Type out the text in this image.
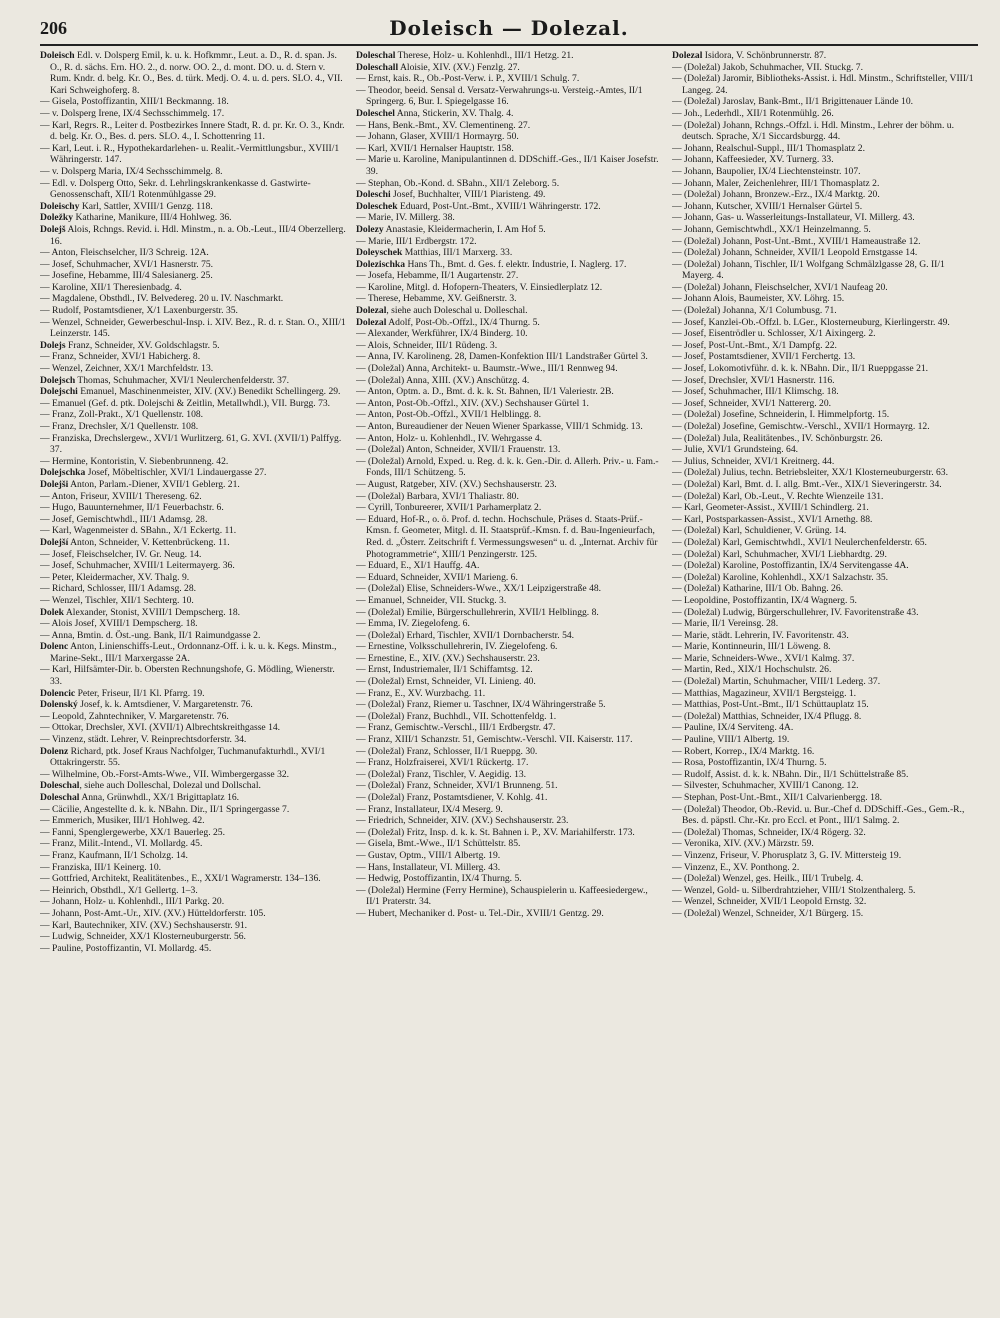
206	Doleisch — Dolezal.

Doleisch Edl. v. Dolsperg Emil, k. u. k. Hofkmmr., Leut. a. D., R. d. span. Js. O., R. d. sächs. Ern. HO. 2., d. norw. OO. 2., d. mont. DO. u. d. Stern v. Rum. Kndr. d. belg. Kr. O., Bes. d. türk. Medj. O. 4. u. d. pers. SLO. 4., VII. Kari Schweighoferg. 8.

— Gisela, Postoffizantin, XIII/1 Beckmanng. 18.

— v. Dolsperg Irene, IX/4 Sechsschimmelg. 17.

— Karl, Regrs. R., Leiter d. Postbezirkes Innere Stadt, R. d. pr. Kr. O. 3., Kndr. d. belg. Kr. O., Bes. d. pers. SLO. 4., I. Schottenring 11.

— Karl, Leut. i. R., Hypothekardarlehen- u. Realit.-Vermittlungsbur., XVIII/1 Währingerstr. 147.

— v. Dolsperg Maria, IX/4 Sechsschimmelg. 8.

— Edl. v. Dolsperg Otto, Sekr. d. Lehrlingskrankenkasse d. Gastwirte-Genossenschaft, XII/1 Rotenmühlgasse 29.

Doleischy Karl, Sattler, XVIII/1 Genzg. 118.

Doležky Katharine, Manikure, III/4 Hohlweg. 36.

Dolejš Alois, Rchngs. Revid. i. Hdl. Minstm., n. a. Ob.-Leut., III/4 Oberzellerg. 16.

— Anton, Fleischselcher, II/3 Schreig. 12A.

— Josef, Schuhmacher, XVI/1 Hasnerstr. 75.

— Josefine, Hebamme, III/4 Salesianerg. 25.

— Karoline, XII/1 Theresienbadg. 4.

— Magdalene, Obsthdl., IV. Belvedereg. 20 u. IV. Naschmarkt.

— Rudolf, Postamtsdiener, X/1 Laxenburgerstr. 35.

— Wenzel, Schneider, Gewerbeschul-Insp. i. XIV. Bez., R. d. r. Stan. O., XIII/1 Leinzerstr. 145.

Dolejs Franz, Schneider, XV. Goldschlagstr. 5.

— Franz, Schneider, XVI/1 Habicherg. 8.

— Wenzel, Zeichner, XX/1 Marchfeldstr. 13.

Dolejsch Thomas, Schuhmacher, XVI/1 Neulerchenfelderstr. 37.

Dolejschi Emanuel, Maschinenmeister, XIV. (XV.) Benedikt Schellingerg. 29.

— Emanuel (Gef. d. ptk. Dolejschi & Zeitlin, Metallwhdl.), VII. Burgg. 73.

— Franz, Zoll-Prakt., X/1 Quellenstr. 108.

— Franz, Drechsler, X/1 Quellenstr. 108.

— Franziska, Drechslergew., XVI/1 Wurlitzerg. 61, G. XVI. (XVII/1) Palffyg. 37.

— Hermine, Kontoristin, V. Siebenbrunneng. 42.

Dolejschka Josef, Möbeltischler, XVI/1 Lindauergasse 27.

Dolejši Anton, Parlam.-Diener, XVII/1 Geblerg. 21.

— Anton, Friseur, XVIII/1 Thereseng. 62.

— Hugo, Bauunternehmer, II/1 Feuerbachstr. 6.

— Josef, Gemischtwhdl., III/1 Adamsg. 28.

— Karl, Wagenmeister d. SBahn., X/1 Eckertg. 11.

Dolejší Anton, Schneider, V. Kettenbrückeng. 11.

— Josef, Fleischselcher, IV. Gr. Neug. 14.

— Josef, Schuhmacher, XVIII/1 Leitermayerg. 36.

— Peter, Kleidermacher, XV. Thalg. 9.

— Richard, Schlosser, III/1 Adamsg. 28.

— Wenzel, Tischler, XII/1 Sechterg. 10.

Dolek Alexander, Stonist, XVIII/1 Dempscherg. 18.

— Alois Josef, XVIII/1 Dempscherg. 18.

— Anna, Bmtin. d. Öst.-ung. Bank, II/1 Raimundgasse 2.

Dolenc Anton, Linienschiffs-Leut., Ordonnanz-Off. i. k. u. k. Kegs. Minstm., Marine-Sekt., III/1 Marxergasse 2A.

— Karl, Hilfsämter-Dir. b. Obersten Rechnungshofe, G. Mödling, Wienerstr. 33.

Dolencic Peter, Friseur, II/1 Kl. Pfarrg. 19.

Dolenský Josef, k. k. Amtsdiener, V. Margaretenstr. 76.

— Leopold, Zahntechniker, V. Margaretenstr. 76.

— Ottokar, Drechsler, XVI. (XVII/1) Albrechtskreithgasse 14.

— Vinzenz, städt. Lehrer, V. Reinprechtsdorferstr. 34.

Dolenz Richard, ptk. Josef Kraus Nachfolger, Tuchmanufakturhdl., XVI/1 Ottakringerstr. 55.

— Wilhelmine, Ob.-Forst-Amts-Wwe., VII. Wimbergergasse 32.

Doleschal, siehe auch Dolleschal, Dolezal und Dollschal.

Doleschal Anna, Grünwhdl., XX/1 Brigittaplatz 16.

— Cäcilie, Angestellte d. k. k. NBahn. Dir., II/1 Springergasse 7.

— Emmerich, Musiker, III/1 Hohlweg. 42.

— Fanni, Spenglergewerbe, XX/1 Bauerleg. 25.

— Franz, Milit.-Intend., VI. Mollardg. 45.

— Franz, Kaufmann, II/1 Scholzg. 14.

— Franziska, III/1 Keinerg. 10.

— Gottfried, Architekt, Realitätenbes., E., XXI/1 Wagramerstr. 134–136.

— Heinrich, Obsthdl., X/1 Gellertg. 1–3.

— Johann, Holz- u. Kohlenhdl., III/1 Parkg. 20.

— Johann, Post-Amt.-Ur., XIV. (XV.) Hütteldorferstr. 105.

— Karl, Bautechniker, XIV. (XV.) Sechshauserstr. 91.

— Ludwig, Schneider, XX/1 Klosterneuburgerstr. 56.

— Pauline, Postoffizantin, VI. Mollardg. 45.

Doleschal Therese, Holz- u. Kohlenhdl., III/1 Hetzg. 21.

Doleschall Aloisie, XIV. (XV.) Fenzlg. 27.

— Ernst, kais. R., Ob.-Post-Verw. i. P., XVIII/1 Schulg. 7.

— Theodor, beeid. Sensal d. Versatz-Verwahrungs-u. Versteig.-Amtes, II/1 Springerg. 6, Bur. I. Spiegelgasse 16.

Doleschel Anna, Stickerin, XV. Thalg. 4.

— Hans, Benk.-Bmt., XV. Clementineng. 27.

— Johann, Glaser, XVIII/1 Hormayrg. 50.

— Karl, XVII/1 Hernalser Hauptstr. 158.

— Marie u. Karoline, Manipulantinnen d. DDSchiff.-Ges., II/1 Kaiser Josefstr. 39.

— Stephan, Ob.-Kond. d. SBahn., XII/1 Zeleborg. 5.

Doleschi Josef, Buchhalter, VIII/1 Piaristeng. 49.

Doleschek Eduard, Post-Unt.-Bmt., XVIII/1 Währingerstr. 172.

— Marie, IV. Millerg. 38.

Dolezy Anastasie, Kleidermacherin, I. Am Hof 5.

— Marie, III/1 Erdbergstr. 172.

Doleyschek Matthias, III/1 Marxerg. 33.

Dolezischka Hans Th., Bmt. d. Ges. f. elektr. Industrie, I. Naglerg. 17.

— Josefa, Hebamme, II/1 Augartenstr. 27.

— Karoline, Mitgl. d. Hofopern-Theaters, V. Einsiedlerplatz 12.

— Therese, Hebamme, XV. Geißnerstr. 3.

Dolezal, siehe auch Doleschal u. Dolleschal.

Dolezal Adolf, Post-Ob.-Offzl., IX/4 Thurng. 5.

— Alexander, Werkführer, IX/4 Binderg. 10.

— Alois, Schneider, III/1 Rüdeng. 3.

— Anna, IV. Karolineng. 28, Damen-Konfektion III/1 Landstraßer Gürtel 3.

— (Doležal) Anna, Architekt- u. Baumstr.-Wwe., III/1 Rennweg 94.

— (Doležal) Anna, XIII. (XV.) Anschützg. 4.

— Anton, Optm. a. D., Bmt. d. k. k. St. Bahnen, II/1 Valeriestr. 2B.

— Anton, Post-Ob.-Offzl., XIV. (XV.) Sechshauser Gürtel 1.

— Anton, Post-Ob.-Offzl., XVII/1 Helblingg. 8.

— Anton, Bureaudiener der Neuen Wiener Sparkasse, VIII/1 Schmidg. 13.

— Anton, Holz- u. Kohlenhdl., IV. Wehrgasse 4.

— (Doležal) Anton, Schneider, XVII/1 Frauenstr. 13.

— (Doležal) Arnold, Exped. u. Reg. d. k. k. Gen.-Dir. d. Allerh. Priv.- u. Fam.-Fonds, III/1 Schützeng. 5.

— August, Ratgeber, XIV. (XV.) Sechshauserstr. 23.

— (Doležal) Barbara, XVI/1 Thaliastr. 80.

— Cyrill, Tonbureerer, XVII/1 Parhamerplatz 2.

— Eduard, Hof-R., o. ö. Prof. d. techn. Hochschule, Präses d. Staats-Prüf.-Kmsn. f. Geometer, Mitgl. d. II. Staatsprüf.-Kmsn. f. d. Bau-Ingenieurfach, Red. d. „Österr. Zeitschrift f. Vermessungswesen“ u. d. „Internat. Archiv für Photogrammetrie“, XIII/1 Penzingerstr. 125.

— Eduard, E., XI/1 Hauffg. 4A.

— Eduard, Schneider, XVII/1 Marieng. 6.

— (Doležal) Elise, Schneiders-Wwe., XX/1 Leipzigerstraße 48.

— Emanuel, Schneider, VII. Stuckg. 3.

— (Doležal) Emilie, Bürgerschullehrerin, XVII/1 Helblingg. 8.

— Emma, IV. Ziegelofeng. 6.

— (Doležal) Erhard, Tischler, XVII/1 Dornbacherstr. 54.

— Ernestine, Volksschullehrerin, IV. Ziegelofeng. 6.

— Ernestine, E., XIV. (XV.) Sechshauserstr. 23.

— Ernst, Industriemaler, II/1 Schiffamtsg. 12.

— (Doležal) Ernst, Schneider, VI. Linieng. 40.

— Franz, E., XV. Wurzbachg. 11.

— (Doležal) Franz, Riemer u. Taschner, IX/4 Währingerstraße 5.

— (Doležal) Franz, Buchhdl., VII. Schottenfeldg. 1.

— Franz, Gemischtw.-Verschl., III/1 Erdbergstr. 47.

— Franz, XIII/1 Schanzstr. 51, Gemischtw.-Verschl. VII. Kaiserstr. 117.

— (Doležal) Franz, Schlosser, II/1 Rueppg. 30.

— Franz, Holzfraiserei, XVI/1 Rückertg. 17.

— (Doležal) Franz, Tischler, V. Aegidig. 13.

— (Doležal) Franz, Schneider, XVI/1 Brunneng. 51.

— (Doležal) Franz, Postamtsdiener, V. Kohlg. 41.

— Franz, Installateur, IX/4 Meserg. 9.

— Friedrich, Schneider, XIV. (XV.) Sechshauserstr. 23.

— (Doležal) Fritz, Insp. d. k. k. St. Bahnen i. P., XV. Mariahilferstr. 173.

— Gisela, Bmt.-Wwe., II/1 Schüttelstr. 85.

— Gustav, Optm., VIII/1 Albertg. 19.

— Hans, Installateur, VI. Millerg. 43.

— Hedwig, Postoffizantin, IX/4 Thurng. 5.

— (Doležal) Hermine (Ferry Hermine), Schauspielerin u. Kaffeesiedergew., II/1 Praterstr. 34.

— Hubert, Mechaniker d. Post- u. Tel.-Dir., XVIII/1 Gentzg. 29.

Dolezal Isidora, V. Schönbrunnerstr. 87.

— (Doležal) Jakob, Schuhmacher, VII. Stuckg. 7.

— (Doležal) Jaromir, Bibliotheks-Assist. i. Hdl. Minstm., Schriftsteller, VIII/1 Langeg. 24.

— (Doležal) Jaroslav, Bank-Bmt., II/1 Brigittenauer Lände 10.

— Joh., Lederhdl., XII/1 Rotenmühlg. 26.

— (Doležal) Johann, Rchngs.-Offzl. i. Hdl. Minstm., Lehrer der böhm. u. deutsch. Sprache, X/1 Siccardsburgg. 44.

— Johann, Realschul-Suppl., III/1 Thomasplatz 2.

— Johann, Kaffeesieder, XV. Turnerg. 33.

— Johann, Baupolier, IX/4 Liechtensteinstr. 107.

— Johann, Maler, Zeichenlehrer, III/1 Thomasplatz 2.

— (Doležal) Johann, Bronzew.-Erz., IX/4 Marktg. 20.

— Johann, Kutscher, XVIII/1 Hernalser Gürtel 5.

— Johann, Gas- u. Wasserleitungs-Installateur, VI. Millerg. 43.

— Johann, Gemischtwhdl., XX/1 Heinzelmanng. 5.

— (Doležal) Johann, Post-Unt.-Bmt., XVIII/1 Hameaustraße 12.

— (Doležal) Johann, Schneider, XVII/1 Leopold Ernstgasse 14.

— (Doležal) Johann, Tischler, II/1 Wolfgang Schmälzlgasse 28, G. II/1 Mayerg. 4.

— (Doležal) Johann, Fleischselcher, XVI/1 Naufeag 20.

— Johann Alois, Baumeister, XV. Löhrg. 15.

— (Doležal) Johanna, X/1 Columbusg. 71.

— Josef, Kanzlei-Ob.-Offzl. b. LGer., Klosterneuburg, Kierlingerstr. 49.

— Josef, Eisentrödler u. Schlosser, X/1 Aixingerg. 2.

— Josef, Post-Unt.-Bmt., X/1 Dampfg. 22.

— Josef, Postamtsdiener, XVII/1 Ferchertg. 13.

— Josef, Lokomotivführ. d. k. k. NBahn. Dir., II/1 Rueppgasse 21.

— Josef, Drechsler, XVI/1 Hasnerstr. 116.

— Josef, Schuhmacher, III/1 Klimschg. 18.

— Josef, Schneider, XVI/1 Nattererg. 20.

— (Doležal) Josefine, Schneiderin, I. Himmelpfortg. 15.

— (Doležal) Josefine, Gemischtw.-Verschl., XVII/1 Hormayrg. 12.

— (Doležal) Jula, Realitätenbes., IV. Schönburgstr. 26.

— Julie, XVI/1 Grundsteing. 64.

— Julius, Schneider, XVI/1 Kreitnerg. 44.

— (Doležal) Julius, techn. Betriebsleiter, XX/1 Klosterneuburgerstr. 63.

— (Doležal) Karl, Bmt. d. I. allg. Bmt.-Ver., XIX/1 Sieveringerstr. 34.

— (Doležal) Karl, Ob.-Leut., V. Rechte Wienzeile 131.

— Karl, Geometer-Assist., XVIII/1 Schindlerg. 21.

— Karl, Postsparkassen-Assist., XVI/1 Arnethg. 88.

— (Doležal) Karl, Schuldiener, V. Grüng. 14.

— (Doležal) Karl, Gemischtwhdl., XVI/1 Neulerchenfelderstr. 65.

— (Doležal) Karl, Schuhmacher, XVI/1 Liebhardtg. 29.

— (Doležal) Karoline, Postoffizantin, IX/4 Servitengasse 4A.

— (Doležal) Karoline, Kohlenhdl., XX/1 Salzachstr. 35.

— (Doležal) Katharine, III/1 Ob. Bahng. 26.

— Leopoldine, Postoffizantin, IX/4 Wagnerg. 5.

— (Doležal) Ludwig, Bürgerschullehrer, IV. Favoritenstraße 43.

— Marie, II/1 Vereinsg. 28.

— Marie, städt. Lehrerin, IV. Favoritenstr. 43.

— Marie, Kontinneurin, III/1 Löweng. 8.

— Marie, Schneiders-Wwe., XVI/1 Kalmg. 37.

— Martin, Red., XIX/1 Hochschulstr. 26.

— (Doležal) Martin, Schuhmacher, VIII/1 Lederg. 37.

— Matthias, Magazineur, XVII/1 Bergsteigg. 1.

— Matthias, Post-Unt.-Bmt., II/1 Schüttauplatz 15.

— (Doležal) Matthias, Schneider, IX/4 Pflugg. 8.

— Pauline, IX/4 Serviteng. 4A.

— Pauline, VIII/1 Albertg. 19.

— Robert, Korrep., IX/4 Marktg. 16.

— Rosa, Postoffizantin, IX/4 Thurng. 5.

— Rudolf, Assist. d. k. k. NBahn. Dir., II/1 Schüttelstraße 85.

— Silvester, Schuhmacher, XVIII/1 Canong. 12.

— Stephan, Post-Unt.-Bmt., XII/1 Calvarienbergg. 18.

— (Doležal) Theodor, Ob.-Revid. u. Bur.-Chef d. DDSchiff.-Ges., Gem.-R., Bes. d. päpstl. Chr.-Kr. pro Eccl. et Pont., III/1 Salmg. 2.

— (Doležal) Thomas, Schneider, IX/4 Rögerg. 32.

— Veronika, XIV. (XV.) Märzstr. 59.

— Vinzenz, Friseur, V. Phorusplatz 3, G. IV. Mittersteig 19.

— Vinzenz, E., XV. Ponthong. 2.

— (Doležal) Wenzel, ges. Heilk., III/1 Trubelg. 4.

— Wenzel, Gold- u. Silberdrahtzieher, VIII/1 Stolzenthalerg. 5.

— Wenzel, Schneider, XVII/1 Leopold Ernstg. 32.

— (Doležal) Wenzel, Schneider, X/1 Bürgerg. 15.
